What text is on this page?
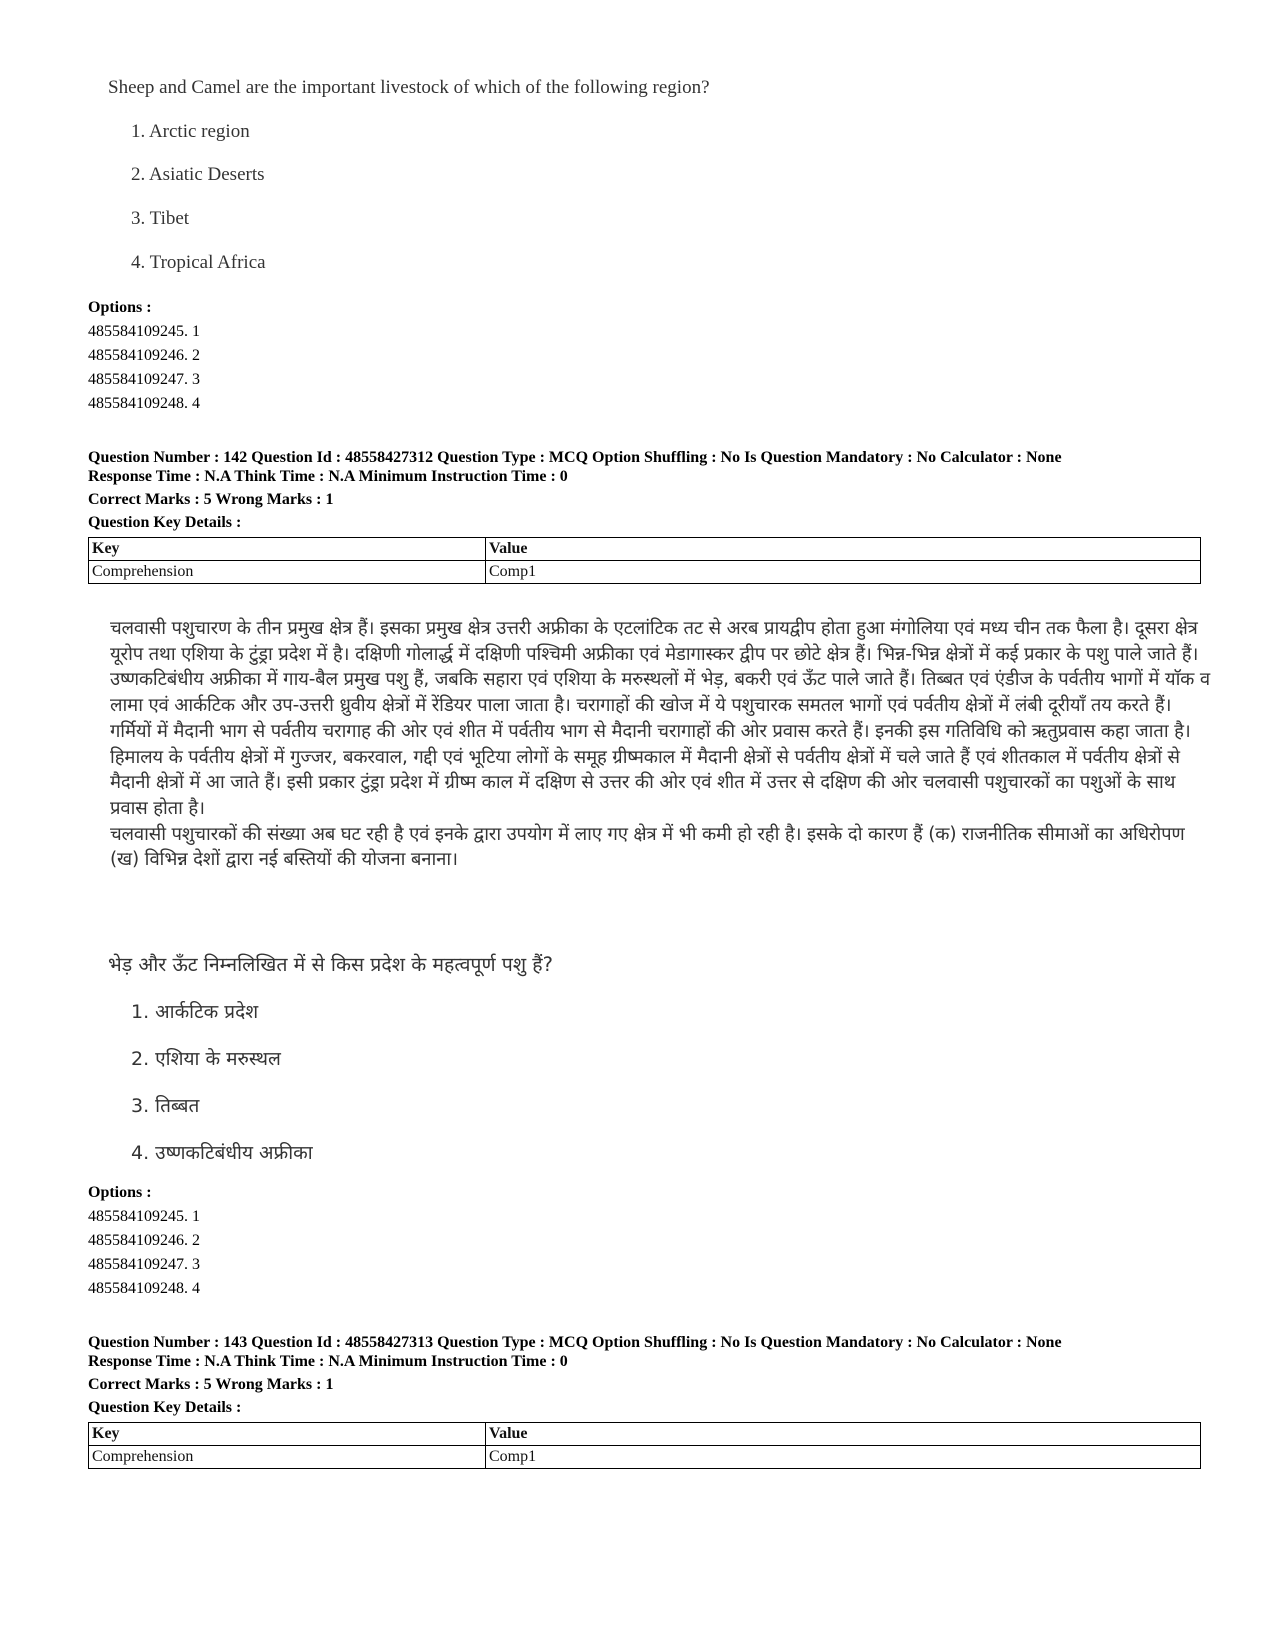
Sheep and Camel are the important livestock of which of the following region?
1. Arctic region
2. Asiatic Deserts
3. Tibet
4. Tropical Africa
Options :
485584109245. 1
485584109246. 2
485584109247. 3
485584109248. 4
Question Number : 142 Question Id : 48558427312 Question Type : MCQ Option Shuffling : No Is Question Mandatory : No Calculator : None
Response Time : N.A Think Time : N.A Minimum Instruction Time : 0
Correct Marks : 5 Wrong Marks : 1
Question Key Details :
Key	Value
Comprehension	Comp1

चलवासी पशुचारण के तीन प्रमुख क्षेत्र हैं। इसका प्रमुख क्षेत्र उत्तरी अफ्रीका के एटलांटिक तट से अरब प्रायद्वीप होता हुआ मंगोलिया एवं मध्य चीन तक फैला है। दूसरा क्षेत्र यूरोप तथा एशिया के टुंड्रा प्रदेश में है। दक्षिणी गोलार्द्ध में दक्षिणी पश्चिमी अफ्रीका एवं मेडागास्कर द्वीप पर छोटे क्षेत्र हैं। भिन्न-भिन्न क्षेत्रों में कई प्रकार के पशु पाले जाते हैं। उष्णकटिबंधीय अफ्रीका में गाय-बैल प्रमुख पशु हैं, जबकि सहारा एवं एशिया के मरुस्थलों में भेड़, बकरी एवं ऊँट पाले जाते हैं। तिब्बत एवं एंडीज के पर्वतीय भागों में याॅक व लामा एवं आर्कटिक और उप-उत्तरी ध्रुवीय क्षेत्रों में रेंडियर पाला जाता है। चरागाहों की खोज में ये पशुचारक समतल भागों एवं पर्वतीय क्षेत्रों में लंबी दूरीयाँ तय करते हैं। गर्मियों में मैदानी भाग से पर्वतीय चरागाह की ओर एवं शीत में पर्वतीय भाग से मैदानी चरागाहों की ओर प्रवास करते हैं। इनकी इस गतिविधि को ऋतुप्रवास कहा जाता है। हिमालय के पर्वतीय क्षेत्रों में गुज्जर, बकरवाल, गद्दी एवं भूटिया लोगों के समूह ग्रीष्मकाल में मैदानी क्षेत्रों से पर्वतीय क्षेत्रों में चले जाते हैं एवं शीतकाल में पर्वतीय क्षेत्रों से मैदानी क्षेत्रों में आ जाते हैं। इसी प्रकार टुंड्रा प्रदेश में ग्रीष्म काल में दक्षिण से उत्तर की ओर एवं शीत में उत्तर से दक्षिण की ओर चलवासी पशुचारकों का पशुओं के साथ प्रवास होता है।

चलवासी पशुचारकों की संख्या अब घट रही है एवं इनके द्वारा उपयोग में लाए गए क्षेत्र में भी कमी हो रही है। इसके दो कारण हैं (क) राजनीतिक सीमाओं का अधिरोपण (ख) विभिन्न देशों द्वारा नई बस्तियों की योजना बनाना।

भेड़ और ऊँट निम्नलिखित में से किस प्रदेश के महत्वपूर्ण पशु हैं?
1. आर्कटिक प्रदेश
2. एशिया के मरुस्थल
3. तिब्बत
4. उष्णकटिबंधीय अफ्रीका
Options :
485584109245. 1
485584109246. 2
485584109247. 3
485584109248. 4
Question Number : 143 Question Id : 48558427313 Question Type : MCQ Option Shuffling : No Is Question Mandatory : No Calculator : None
Response Time : N.A Think Time : N.A Minimum Instruction Time : 0
Correct Marks : 5 Wrong Marks : 1
Question Key Details :
Key	Value
Comprehension	Comp1
